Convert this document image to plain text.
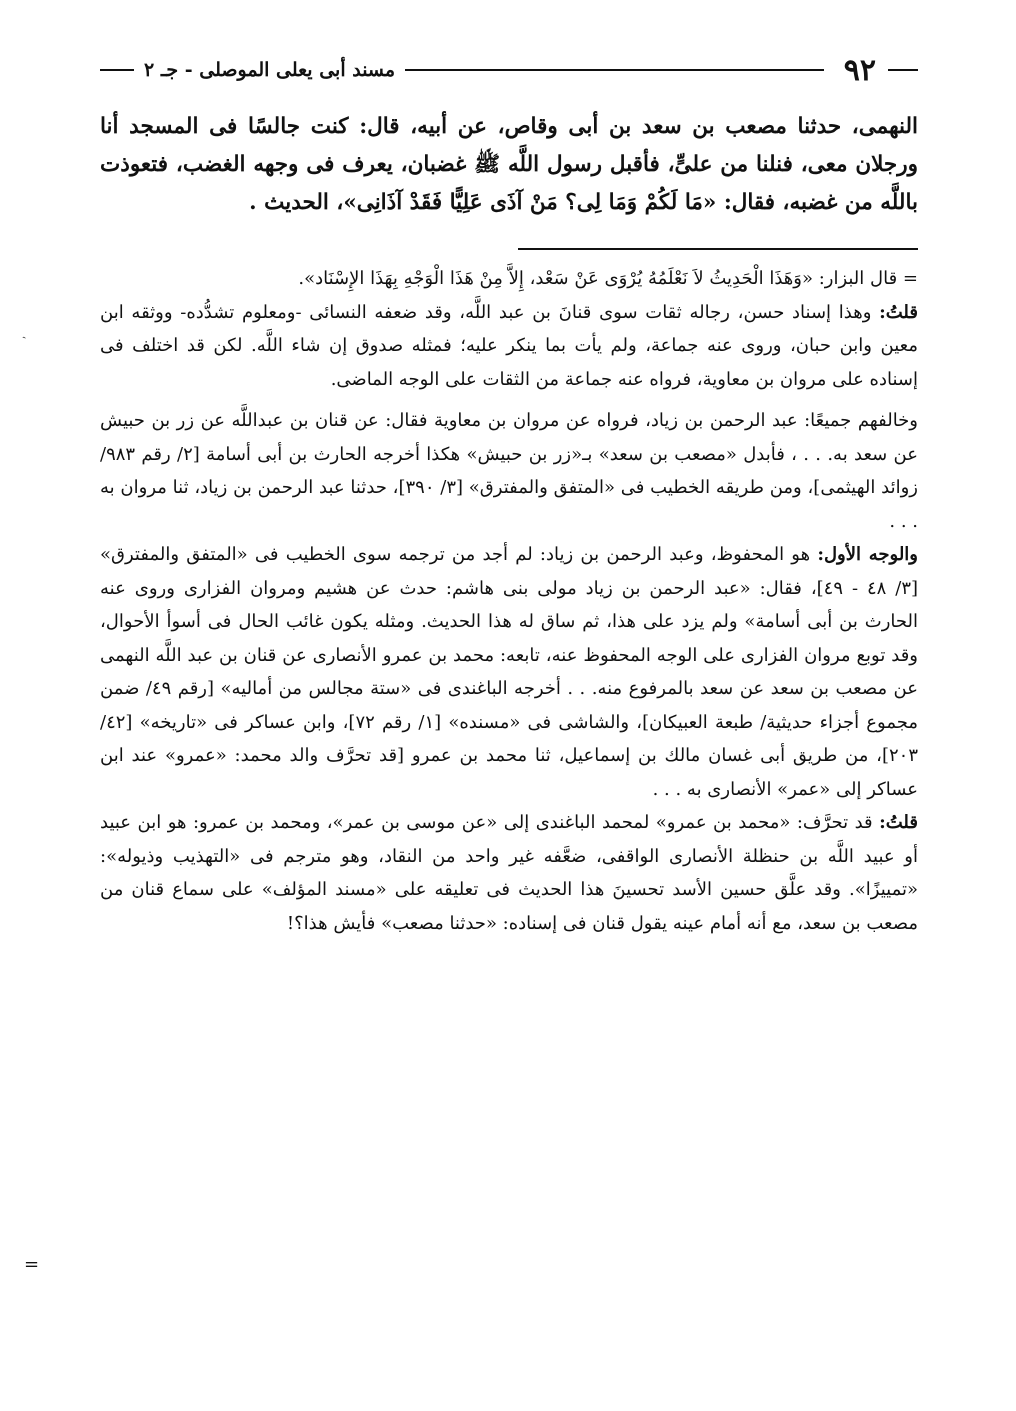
٩٢
مسند أبى يعلى الموصلى - جـ ٢
النهمى، حدثنا مصعب بن سعد بن أبى وقاص، عن أبيه، قال: كنت جالسًا فى المسجد أنا ورجلان معى، فنلنا من علىٍّ، فأقبل رسول اللَّه ﷺ غضبان، يعرف فى وجهه الغضب، فتعوذت باللَّه من غضبه، فقال: «مَا لَكُمْ وَمَا لِى؟ مَنْ آذَى عَلِيًّا فَقَدْ آذَانِى»، الحديث .

= قال البزار: «وَهَذَا الْحَدِيثُ لاَ نَعْلَمُهُ يُرْوَى عَنْ سَعْد، إِلاَّ مِنْ هَذَا الْوَجْهِ بِهَذَا الإِسْنَاد».

قلتُ: وهذا إسناد حسن، رجاله ثقات سوى قنانَ بن عبد اللَّه، وقد ضعفه النسائى -ومعلوم تشدُّده- ووثقه ابن معين وابن حبان، وروى عنه جماعة، ولم يأت بما ينكر عليه؛ فمثله صدوق إن شاء اللَّه. لكن قد اختلف فى إسناده على مروان بن معاوية، فرواه عنه جماعة من الثقات على الوجه الماضى.

وخالفهم جميعًا: عبد الرحمن بن زياد، فرواه عن مروان بن معاوية فقال: عن قنان بن عبداللَّه عن زر بن حبيش عن سعد به. . . ، فأبدل «مصعب بن سعد» بـ«زر بن حبيش» هكذا أخرجه الحارث بن أبى أسامة [٢/ رقم ٩٨٣/ زوائد الهيثمى]، ومن طريقه الخطيب فى «المتفق والمفترق» [٣/ ٣٩٠]، حدثنا عبد الرحمن بن زياد، ثنا مروان به . . .

والوجه الأول: هو المحفوظ، وعبد الرحمن بن زياد: لم أجد من ترجمه سوى الخطيب فى «المتفق والمفترق» [٣/ ٤٨ - ٤٩]، فقال: «عبد الرحمن بن زياد مولى بنى هاشم: حدث عن هشيم ومروان الفزارى وروى عنه الحارث بن أبى أسامة» ولم يزد على هذا، ثم ساق له هذا الحديث. ومثله يكون غائب الحال فى أسوأ الأحوال، وقد توبع مروان الفزارى على الوجه المحفوظ عنه، تابعه: محمد بن عمرو الأنصارى عن قنان بن عبد اللَّه النهمى عن مصعب بن سعد عن سعد بالمرفوع منه. . . أخرجه الباغندى فى «ستة مجالس من أماليه» [رقم ٤٩/ ضمن مجموع أجزاء حديثية/ طبعة العبيكان]، والشاشى فى «مسنده» [١/ رقم ٧٢]، وابن عساكر فى «تاريخه» [٤٢/ ٢٠٣]، من طريق أبى غسان مالك بن إسماعيل، ثنا محمد بن عمرو [قد تحرَّف والد محمد: «عمرو» عند ابن عساكر إلى «عمر» الأنصارى به . . .

قلتُ: قد تحرَّف: «محمد بن عمرو» لمحمد الباغندى إلى «عن موسى بن عمر»، ومحمد بن عمرو: هو ابن عبيد أو عبيد اللَّه بن حنظلة الأنصارى الواقفى، ضعَّفه غير واحد من النقاد، وهو مترجم فى «التهذيب وذيوله»: «تمييزًا». وقد علَّق حسين الأسد تحسينَ هذا الحديث فى تعليقه على «مسند المؤلف» على سماع قنان من مصعب بن سعد، مع أنه أمام عينه يقول قنان فى إسناده: «حدثنا مصعب» فأيش هذا؟!

=
ˏ
